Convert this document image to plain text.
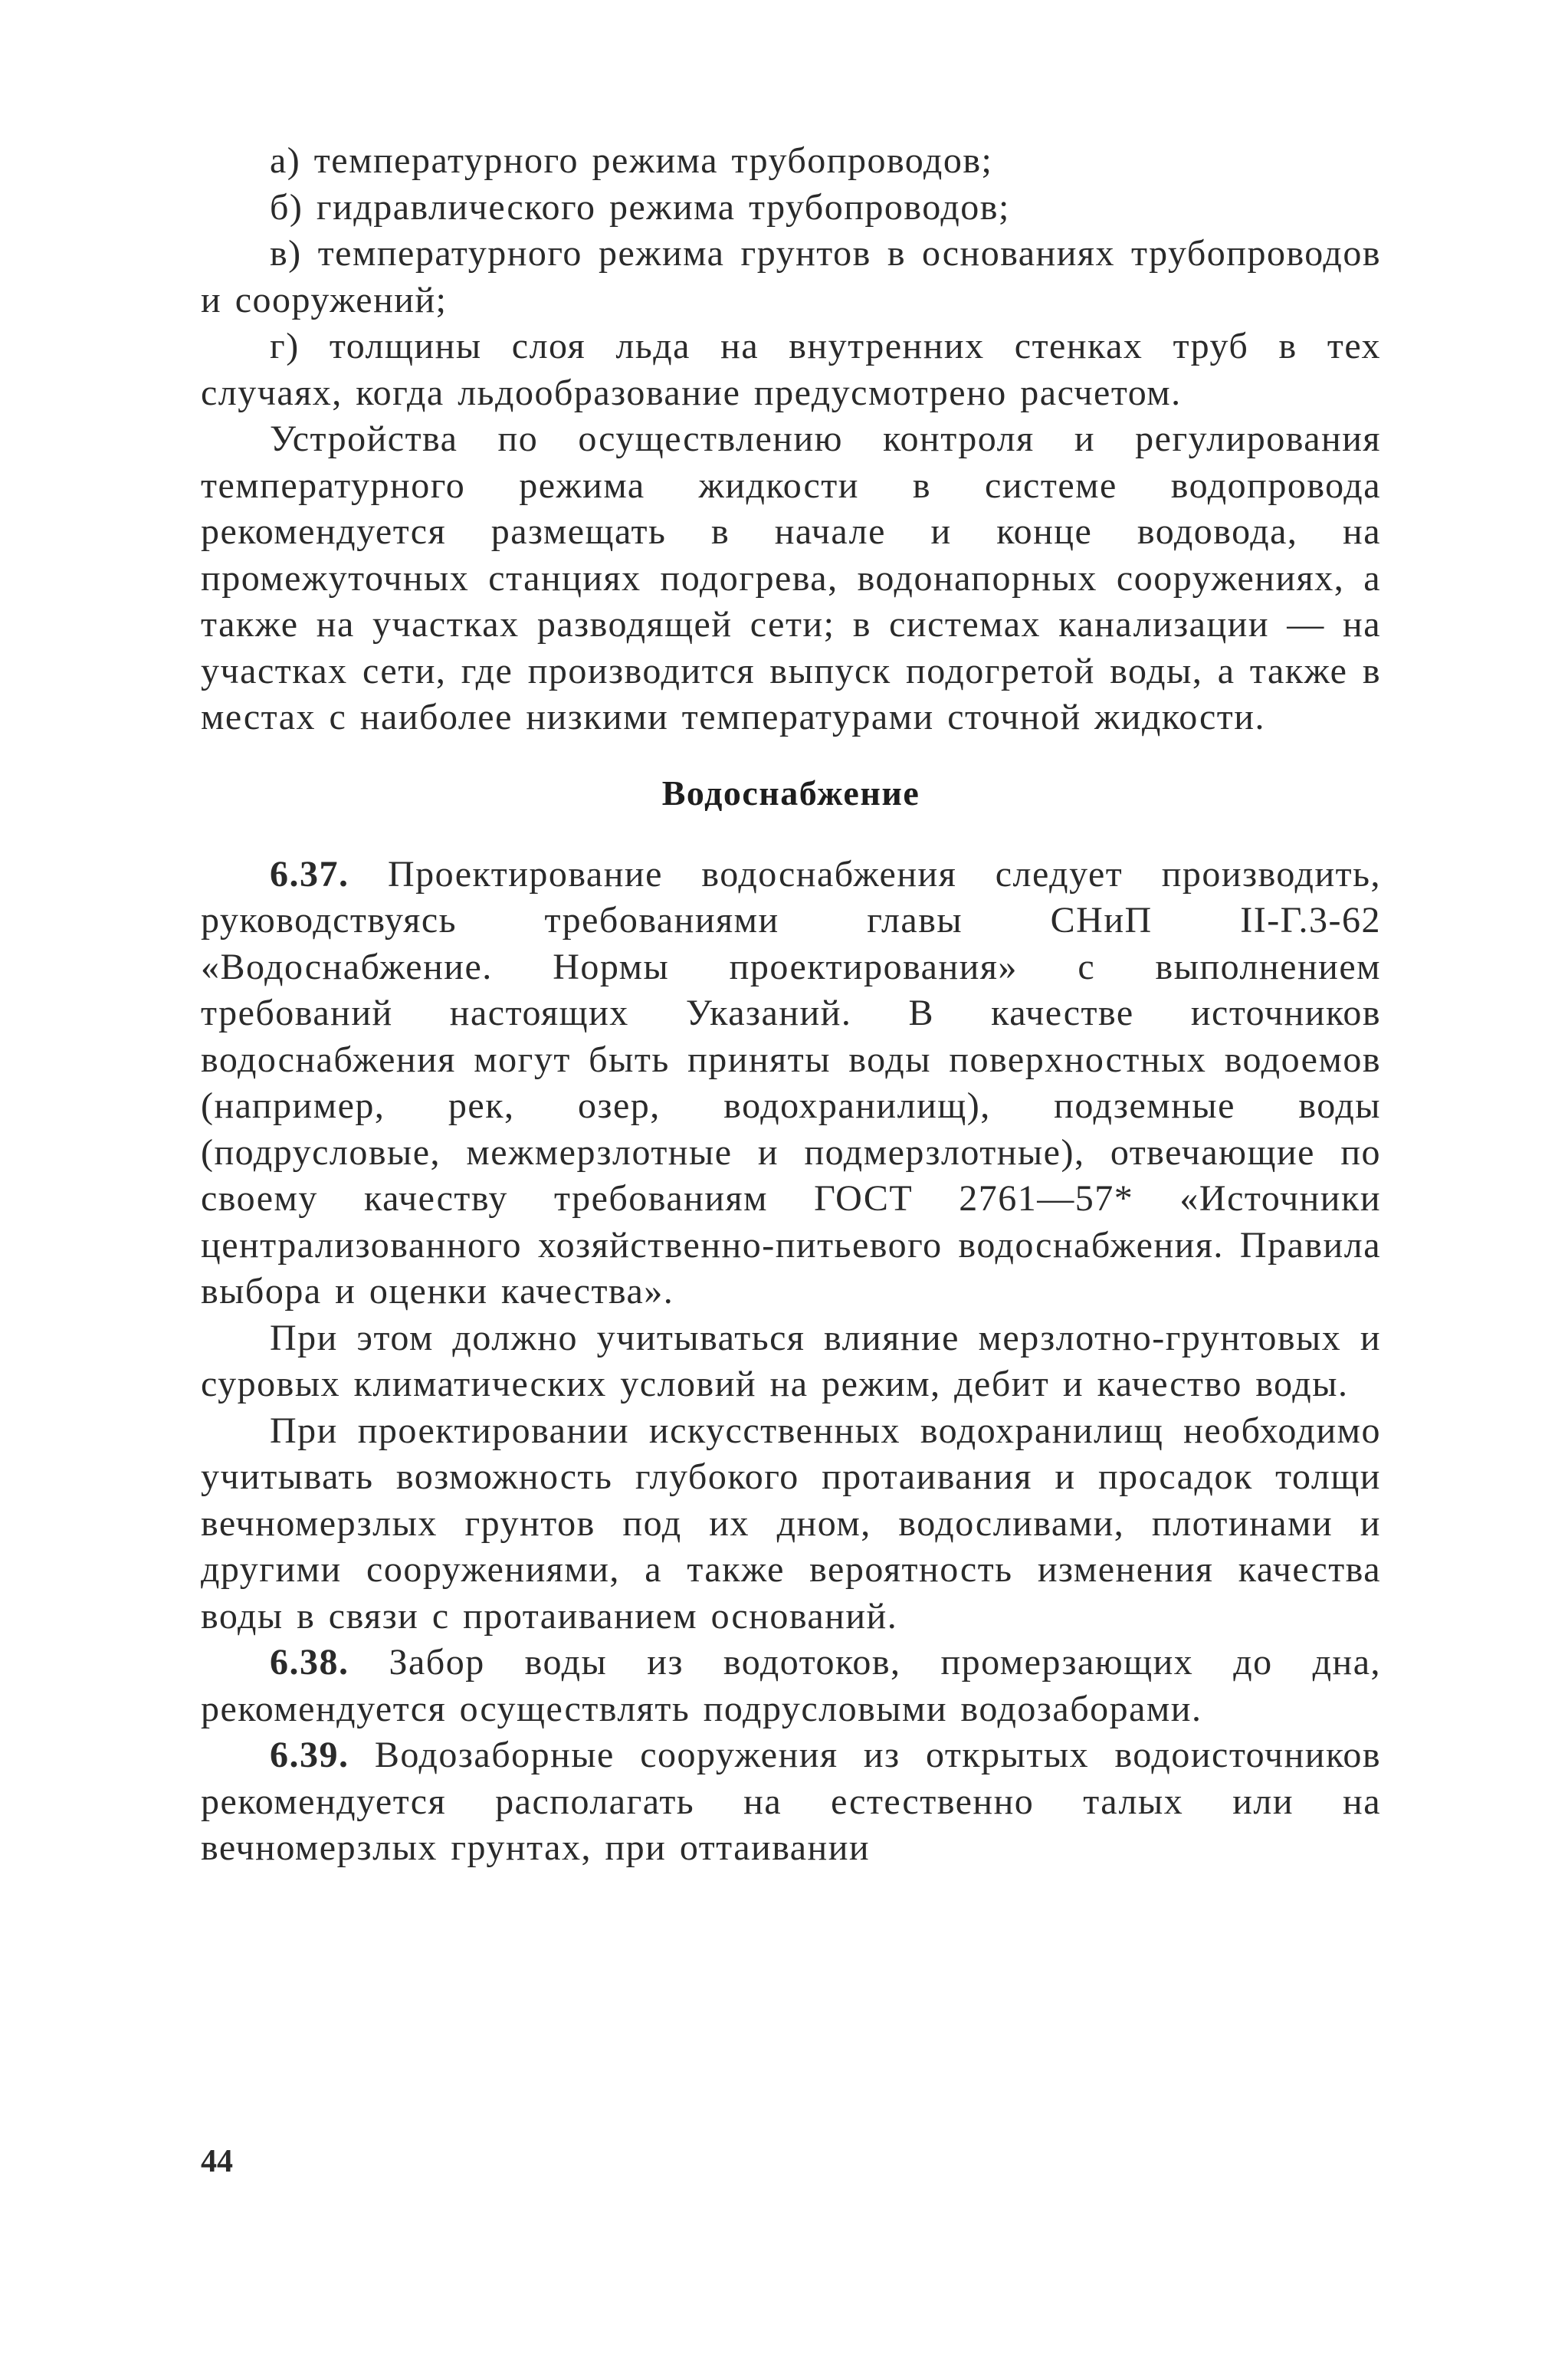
а) температурного режима трубопроводов;

б) гидравлического режима трубопроводов;

в) температурного режима грунтов в основаниях трубопроводов и сооружений;

г) толщины слоя льда на внутренних стенках труб в тех случаях, когда льдообразование предусмотрено расчетом.

Устройства по осуществлению контроля и регулирования температурного режима жидкости в системе водопровода рекомендуется размещать в начале и конце водовода, на промежуточных станциях подогрева, водонапорных сооружениях, а также на участках разводящей сети; в системах канализации — на участках сети, где производится выпуск подогретой воды, а также в местах с наиболее низкими температурами сточной жидкости.

Водоснабжение

6.37. Проектирование водоснабжения следует производить, руководствуясь требованиями главы СНиП II-Г.3-62 «Водоснабжение. Нормы проектирования» с выполнением требований настоящих Указаний. В качестве источников водоснабжения могут быть приняты воды поверхностных водоемов (например, рек, озер, водохранилищ), подземные воды (подрусловые, межмерзлотные и подмерзлотные), отвечающие по своему качеству требованиям ГОСТ 2761—57* «Источники централизованного хозяйственно-питьевого водоснабжения. Правила выбора и оценки качества».

При этом должно учитываться влияние мерзлотно-грунтовых и суровых климатических условий на режим, дебит и качество воды.

При проектировании искусственных водохранилищ необходимо учитывать возможность глубокого протаивания и просадок толщи вечномерзлых грунтов под их дном, водосливами, плотинами и другими сооружениями, а также вероятность изменения качества воды в связи с протаиванием оснований.

6.38. Забор воды из водотоков, промерзающих до дна, рекомендуется осуществлять подрусловыми водозаборами.

6.39. Водозаборные сооружения из открытых водоисточников рекомендуется располагать на естественно талых или на вечномерзлых грунтах, при оттаивании

44
